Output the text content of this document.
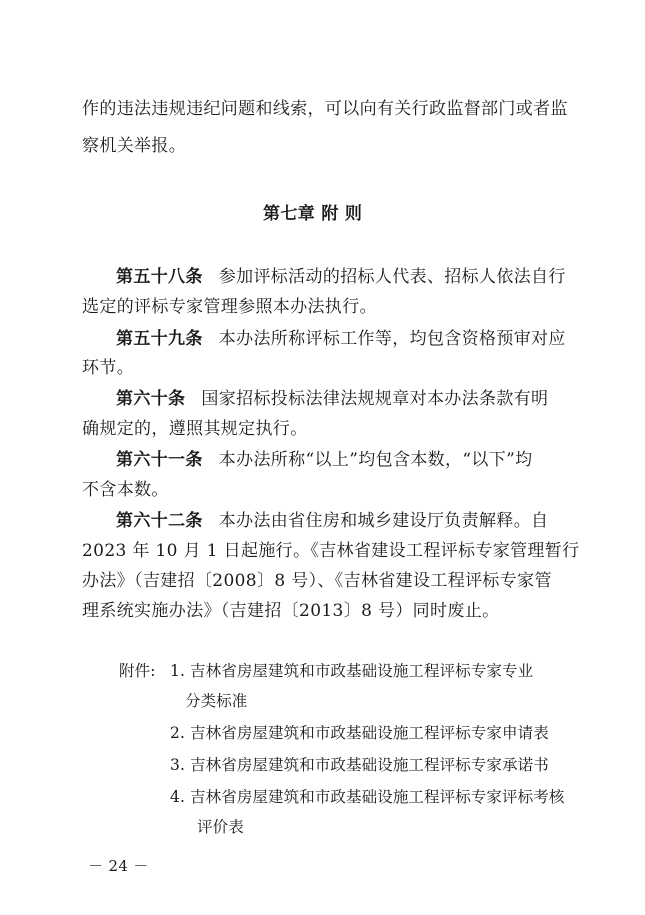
作的违法违规违纪问题和线索，可以向有关行政监督部门或者监
察机关举报。
第七章 附 则
第五十八条 参加评标活动的招标人代表、招标人依法自行
选定的评标专家管理参照本办法执行。
第五十九条 本办法所称评标工作等，均包含资格预审对应
环节。
第六十条 国家招标投标法律法规规章对本办法条款有明
确规定的，遵照其规定执行。
第六十一条 本办法所称“以上”均包含本数，“以下”均
不含本数。
第六十二条 本办法由省住房和城乡建设厅负责解释。自
2023 年 10 月 1 日起施行。《吉林省建设工程评标专家管理暂行
办法》（吉建招〔2008〕8 号）、《吉林省建设工程评标专家管
理系统实施办法》（吉建招〔2013〕8 号）同时废止。
附件: 1. 吉林省房屋建筑和市政基础设施工程评标专家专业
分类标准
2. 吉林省房屋建筑和市政基础设施工程评标专家申请表
3. 吉林省房屋建筑和市政基础设施工程评标专家承诺书
4. 吉林省房屋建筑和市政基础设施工程评标专家评标考核
评价表
－ 24 －
